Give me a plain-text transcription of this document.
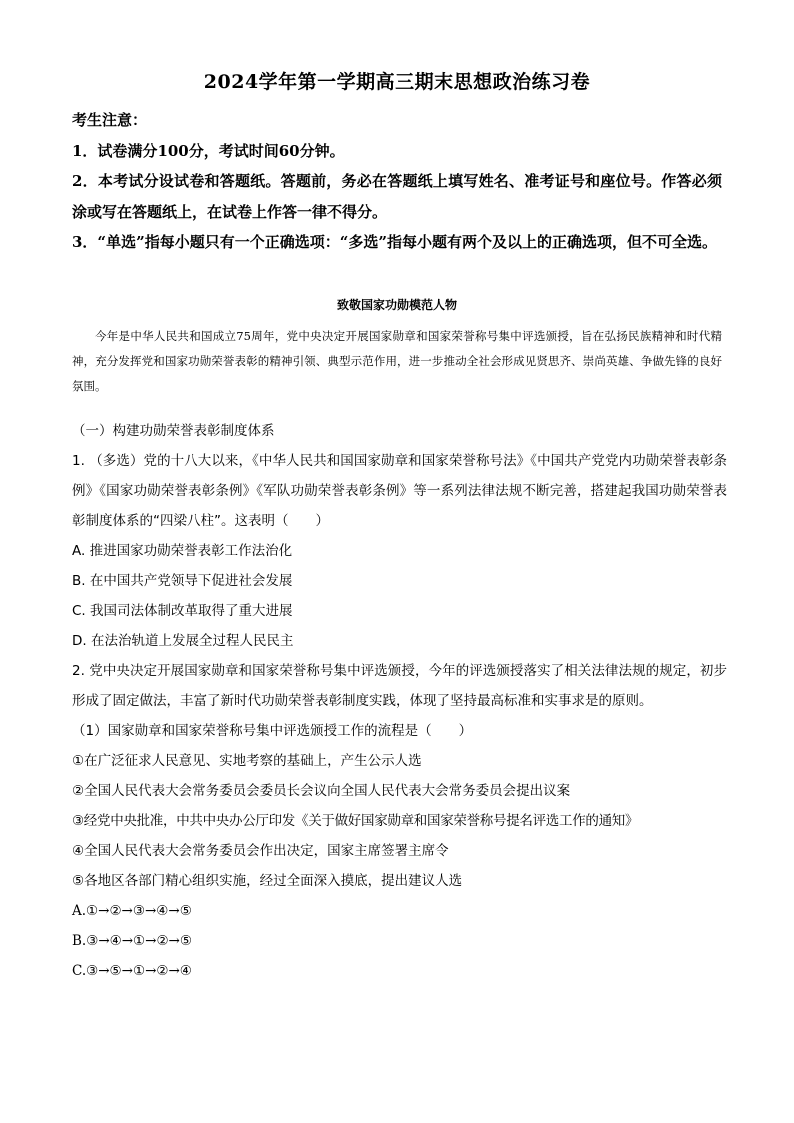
2024学年第一学期高三期末思想政治练习卷

考生注意：

1．试卷满分100分，考试时间60分钟。

2．本考试分设试卷和答题纸。答题前，务必在答题纸上填写姓名、准考证号和座位号。作答必须涂或写在答题纸上，在试卷上作答一律不得分。

3．“单选”指每小题只有一个正确选项：“多选”指每小题有两个及以上的正确选项，但不可全选。

致敬国家功勋模范人物

今年是中华人民共和国成立75周年，党中央决定开展国家勋章和国家荣誉称号集中评选颁授，旨在弘扬民族精神和时代精神，充分发挥党和国家功勋荣誉表彰的精神引领、典型示范作用，进一步推动全社会形成见贤思齐、崇尚英雄、争做先锋的良好氛围。

（一）构建功勋荣誉表彰制度体系

1. （多选）党的十八大以来，《中华人民共和国国家勋章和国家荣誉称号法》《中国共产党党内功勋荣誉表彰条例》《国家功勋荣誉表彰条例》《军队功勋荣誉表彰条例》等一系列法律法规不断完善，搭建起我国功勋荣誉表彰制度体系的“四梁八柱”。这表明（　　）

A. 推进国家功勋荣誉表彰工作法治化

B. 在中国共产党领导下促进社会发展

C. 我国司法体制改革取得了重大进展

D. 在法治轨道上发展全过程人民民主

2. 党中央决定开展国家勋章和国家荣誉称号集中评选颁授，今年的评选颁授落实了相关法律法规的规定，初步形成了固定做法，丰富了新时代功勋荣誉表彰制度实践，体现了坚持最高标准和实事求是的原则。

（1）国家勋章和国家荣誉称号集中评选颁授工作的流程是（　　）

①在广泛征求人民意见、实地考察的基础上，产生公示人选

②全国人民代表大会常务委员会委员长会议向全国人民代表大会常务委员会提出议案

③经党中央批准，中共中央办公厅印发《关于做好国家勋章和国家荣誉称号提名评选工作的通知》

④全国人民代表大会常务委员会作出决定，国家主席签署主席令

⑤各地区各部门精心组织实施，经过全面深入摸底，提出建议人选

A.①→②→③→④→⑤

B.③→④→①→②→⑤

C.③→⑤→①→②→④
